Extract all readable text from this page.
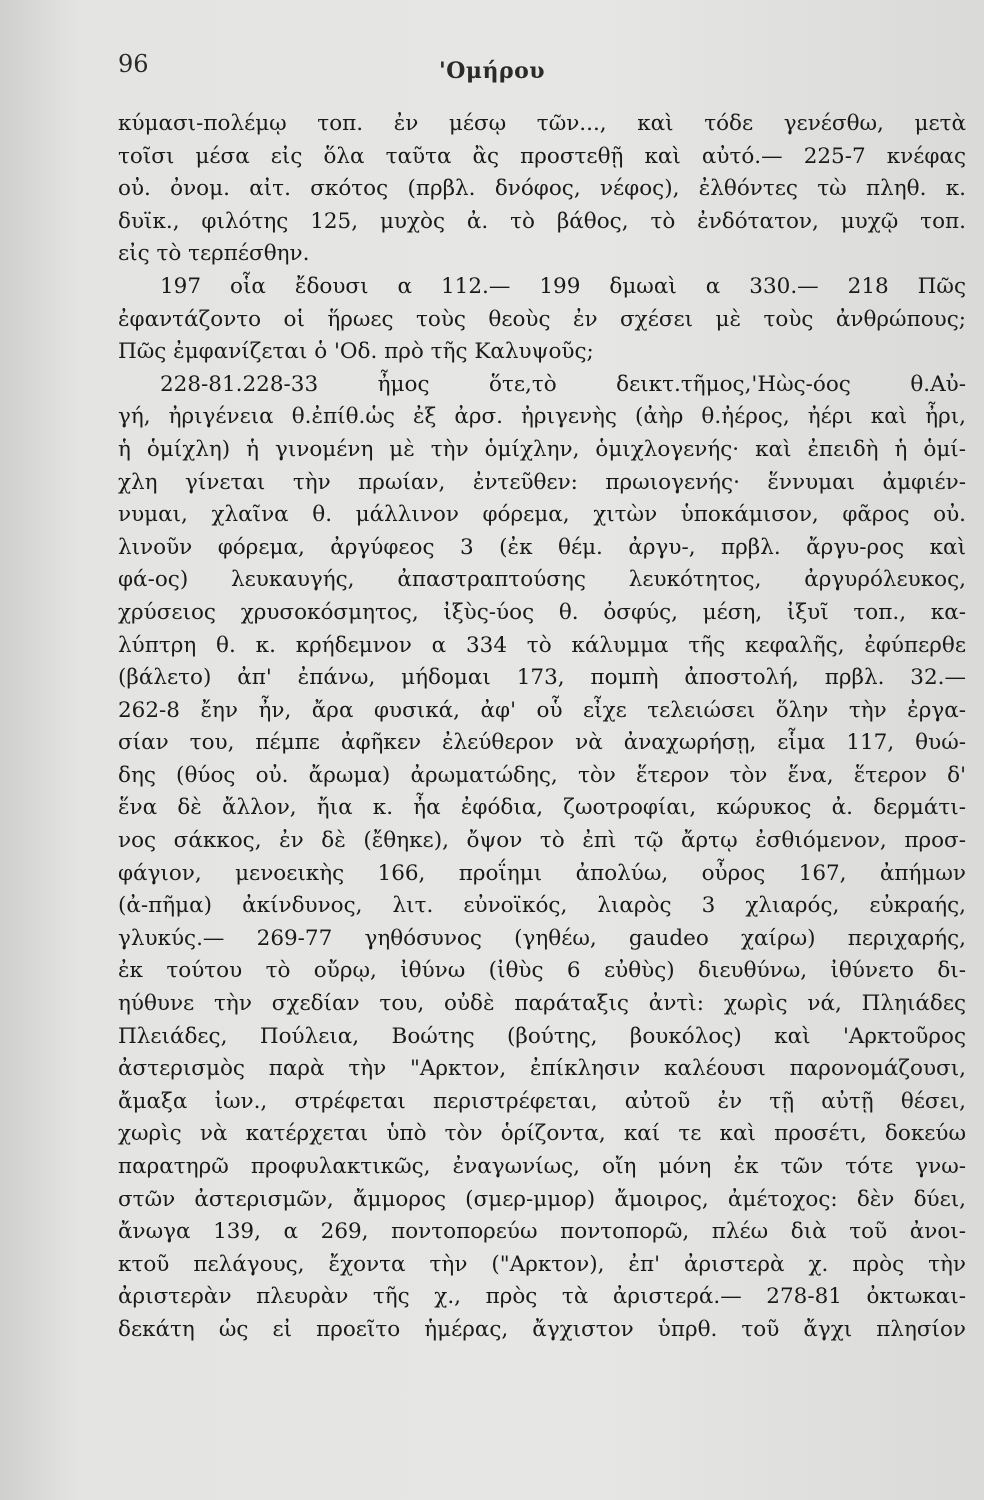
96	'Ομήρου
κύμασι-πολέμῳ τοπ. ἐν μέσῳ τῶν..., καὶ τόδε γενέσθω, μετὰ
τοῖσι μέσα εἰς ὅλα ταῦτα ἂς προστεθῇ καὶ αὐτό.— 225-7 κνέφας
οὐ. ὀνομ. αἰτ. σκότος (πρβλ. δνόφος, νέφος), ἐλθόντες τὼ πληθ. κ.
δυϊκ., φιλότης 125, μυχὸς ἀ. τὸ βάθος, τὸ ἐνδότατον, μυχῷ τοπ.
εἰς τὸ τερπέσθην.
197 οἷα ἔδουσι α 112.— 199 δμωαὶ α 330.— 218 Πῶς
ἐφαντάζοντο οἱ ἥρωες τοὺς θεοὺς ἐν σχέσει μὲ τοὺς ἀνθρώπους;
Πῶς ἐμφανίζεται ὁ 'Οδ. πρὸ τῆς Καλυψοῦς;
228-81.228-33 ἦμος ὅτε,τὸ δεικτ.τῆμος,'Ηὼς-όος θ.Αὐ-
γή, ἠριγένεια θ.ἐπίθ.ὡς ἐξ ἀρσ. ἠριγενὴς (ἀὴρ θ.ἠέρος, ἠέρι καὶ ἦρι,
ἡ ὁμίχλη) ἡ γινομένη μὲ τὴν ὁμίχλην, ὁμιχλογενής· καὶ ἐπειδὴ ἡ ὁμί-
χλη γίνεται τὴν πρωίαν, ἐντεῦθεν: πρωιογενής· ἕννυμαι ἀμφιέν-
νυμαι, χλαῖνα θ. μάλλινον φόρεμα, χιτὼν ὑποκάμισον, φᾶρος οὐ.
λινοῦν φόρεμα, ἀργύφεος 3 (ἐκ θέμ. ἀργυ-, πρβλ. ἄργυ-ρος καὶ
φά-ος) λευκαυγής, ἀπαστραπτούσης λευκότητος, ἀργυρόλευκος,
χρύσειος χρυσοκόσμητος, ἰξὺς-ύος θ. ὀσφύς, μέση, ἰξυῖ τοπ., κα-
λύπτρη θ. κ. κρήδεμνον α 334 τὸ κάλυμμα τῆς κεφαλῆς, ἐφύπερθε
(βάλετο) ἀπ' ἐπάνω, μήδομαι 173, πομπὴ ἀποστολή, πρβλ. 32.—
262-8 ἔην ἦν, ἄρα φυσικά, ἀφ' οὗ εἶχε τελειώσει ὅλην τὴν ἐργα-
σίαν του, πέμπε ἀφῆκεν ἐλεύθερον νὰ ἀναχωρήσῃ, εἷμα 117, θυώ-
δης (θύος οὐ. ἄρωμα) ἀρωματώδης, τὸν ἕτερον τὸν ἕνα, ἕτερον δ'
ἕνα δὲ ἄλλον, ἤια κ. ἦα ἐφόδια, ζωοτροφίαι, κώρυκος ἀ. δερμάτι-
νος σάκκος, ἐν δὲ (ἔθηκε), ὄψον τὸ ἐπὶ τῷ ἄρτῳ ἐσθιόμενον, προσ-
φάγιον, μενοεικὴς 166, προΐημι ἀπολύω, οὖρος 167, ἀπήμων
(ἀ-πῆμα) ἀκίνδυνος, λιτ. εὐνοϊκός, λιαρὸς 3 χλιαρός, εὐκραής,
γλυκύς.— 269-77 γηθόσυνος (γηθέω, gaudeo χαίρω) περιχαρής,
ἐκ τούτου τὸ οὔρῳ, ἰθύνω (ἰθὺς 6 εὐθὺς) διευθύνω, ἰθύνετο δι-
ηύθυνε τὴν σχεδίαν του, οὐδὲ παράταξις ἀντὶ: χωρὶς νά, Πληιάδες
Πλειάδες, Πούλεια, Βοώτης (βούτης, βουκόλος) καὶ 'Αρκτοῦρος
ἀστερισμὸς παρὰ τὴν "Αρκτον, ἐπίκλησιν καλέουσι παρονομάζουσι,
ἄμαξα ἰων., στρέφεται περιστρέφεται, αὐτοῦ ἐν τῇ αὐτῇ θέσει,
χωρὶς νὰ κατέρχεται ὑπὸ τὸν ὁρίζοντα, καί τε καὶ προσέτι, δοκεύω
παρατηρῶ προφυλακτικῶς, ἐναγωνίως, οἴη μόνη ἐκ τῶν τότε γνω-
στῶν ἀστερισμῶν, ἄμμορος (σμερ-μμορ) ἄμοιρος, ἀμέτοχος: δὲν δύει,
ἄνωγα 139, α 269, ποντοπορεύω ποντοπορῶ, πλέω διὰ τοῦ ἀνοι-
κτοῦ πελάγους, ἔχοντα τὴν ("Αρκτον), ἐπ' ἀριστερὰ χ. πρὸς τὴν
ἀριστερὰν πλευρὰν τῆς χ., πρὸς τὰ ἀριστερά.— 278-81 ὀκτωκαι-
δεκάτη ὡς εἰ προεῖτο ἡμέρας, ἄγχιστον ὑπρθ. τοῦ ἄγχι πλησίον
